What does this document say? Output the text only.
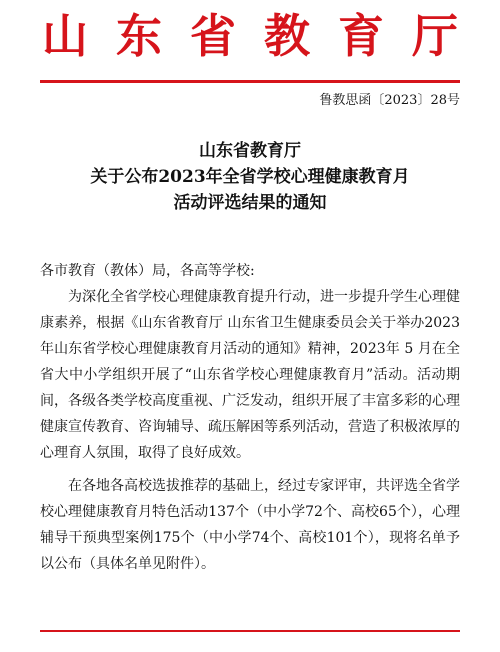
山东省教育厅
鲁教思函〔2023〕28号
山东省教育厅
关于公布2023年全省学校心理健康教育月
活动评选结果的通知

各市教育（教体）局，各高等学校:

为深化全省学校心理健康教育提升行动，进一步提升学生心理健康素养，根据《山东省教育厅 山东省卫生健康委员会关于举办2023年山东省学校心理健康教育月活动的通知》精神，2023年 5 月在全省大中小学组织开展了“山东省学校心理健康教育月”活动。活动期间，各级各类学校高度重视、广泛发动，组织开展了丰富多彩的心理健康宣传教育、咨询辅导、疏压解困等系列活动，营造了积极浓厚的心理育人氛围，取得了良好成效。

在各地各高校选拔推荐的基础上，经过专家评审，共评选全省学校心理健康教育月特色活动137个（中小学72个、高校65个），心理辅导干预典型案例175个（中小学74个、高校101个），现将名单予以公布（具体名单见附件）。
